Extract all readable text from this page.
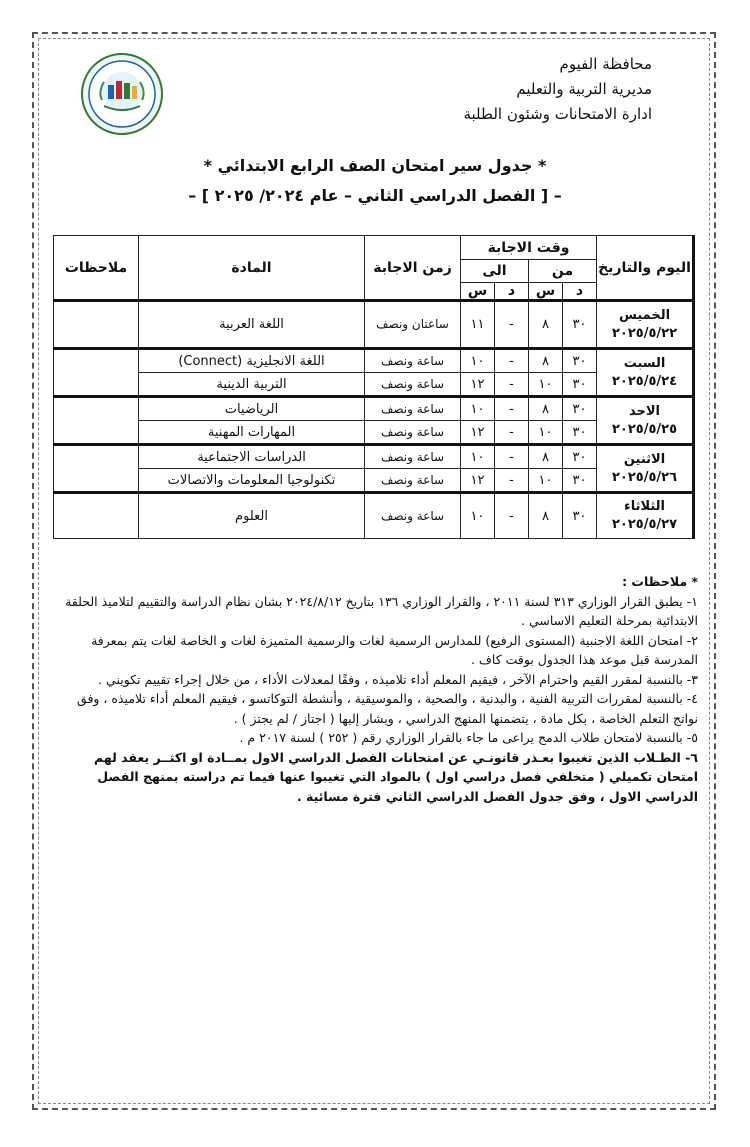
محافظة الفيوم
مديرية التربية والتعليم
ادارة الامتحانات وشئون الطلبة
* جدول سير امتحان الصف الرابع الابتدائي *
– [ الفصل الدراسي الثاني – عام ٢٠٢٤/ ٢٠٢٥ ] –
اليوم والتاريخ	وقت الاجابة				زمن الاجابة	المادة	ملاحظات
	من		الى				
	د	س	د	س			
الخميس
٢٠٢٥/٥/٢٢	٣٠	٨	-	١١	ساعتان ونصف	اللغة العربية	
السبت
٢٠٢٥/٥/٢٤	٣٠	٨	-	١٠	ساعة ونصف	اللغة الانجليزية (Connect)	
	٣٠	١٠	-	١٢	ساعة ونصف	التربية الدينية	
الاحد
٢٠٢٥/٥/٢٥	٣٠	٨	-	١٠	ساعة ونصف	الرياضيات	
	٣٠	١٠	-	١٢	ساعة ونصف	المهارات المهنية	
الاثنين
٢٠٢٥/٥/٢٦	٣٠	٨	-	١٠	ساعة ونصف	الدراسات الاجتماعية	
	٣٠	١٠	-	١٢	ساعة ونصف	تكنولوجيا المعلومات والاتصالات	
الثلاثاء
٢٠٢٥/٥/٢٧	٣٠	٨	-	١٠	ساعة ونصف	العلوم	

* ملاحظات :

١- يطبق القرار الوزاري ٣١٣ لسنة ٢٠١١ ، والقرار الوزاري ١٣٦ بتاريخ ٢٠٢٤/٨/١٢ بشان نظام الدراسة والتقييم لتلاميذ الحلقة الابتدائية بمرحلة التعليم الاساسي .

٢- امتحان اللغة الاجنبية (المستوى الرفيع) للمدارس الرسمية لغات والرسمية المتميزة لغات و الخاصة لغات يتم بمعرفة المدرسة قبل موعد هذا الجدول بوقت كاف .

٣- بالنسبة لمقرر القيم واحترام الآخر ، فيقيم المعلم أداء تلاميذه ، وفقًا لمعدلات الأداء ، من خلال إجراء تقييم تكويني .

٤- بالنسبة لمقررات التربية الفنية ، والبدنية ، والصحية ، والموسيقية ، وأنشطة التوكاتسو ، فيقيم المعلم أداء تلاميذه ، وفق نواتج التعلم الخاصة ، بكل مادة ، يتضمنها المنهج الدراسي ، ويشار إليها ( اجتاز / لم يجتز ) .

٥- بالنسبة لامتحان طلاب الدمج يراعى ما جاء بالقرار الوزاري رقم ( ٢٥٢ ) لسنة ٢٠١٧ م .

٦- الطـلاب الذين تغيبوا بعـذر قانونـي عن امتحانات الفصل الدراسي الاول بمــادة او اكثــر يعقد لهم امتحان تكميلي ( متخلفي فصل دراسي اول ) بالمواد التي تغيبوا عنها فيما تم دراسته بمنهج الفصل الدراسي الاول ، وفق جدول الفصل الدراسي الثاني فترة مسائية .
